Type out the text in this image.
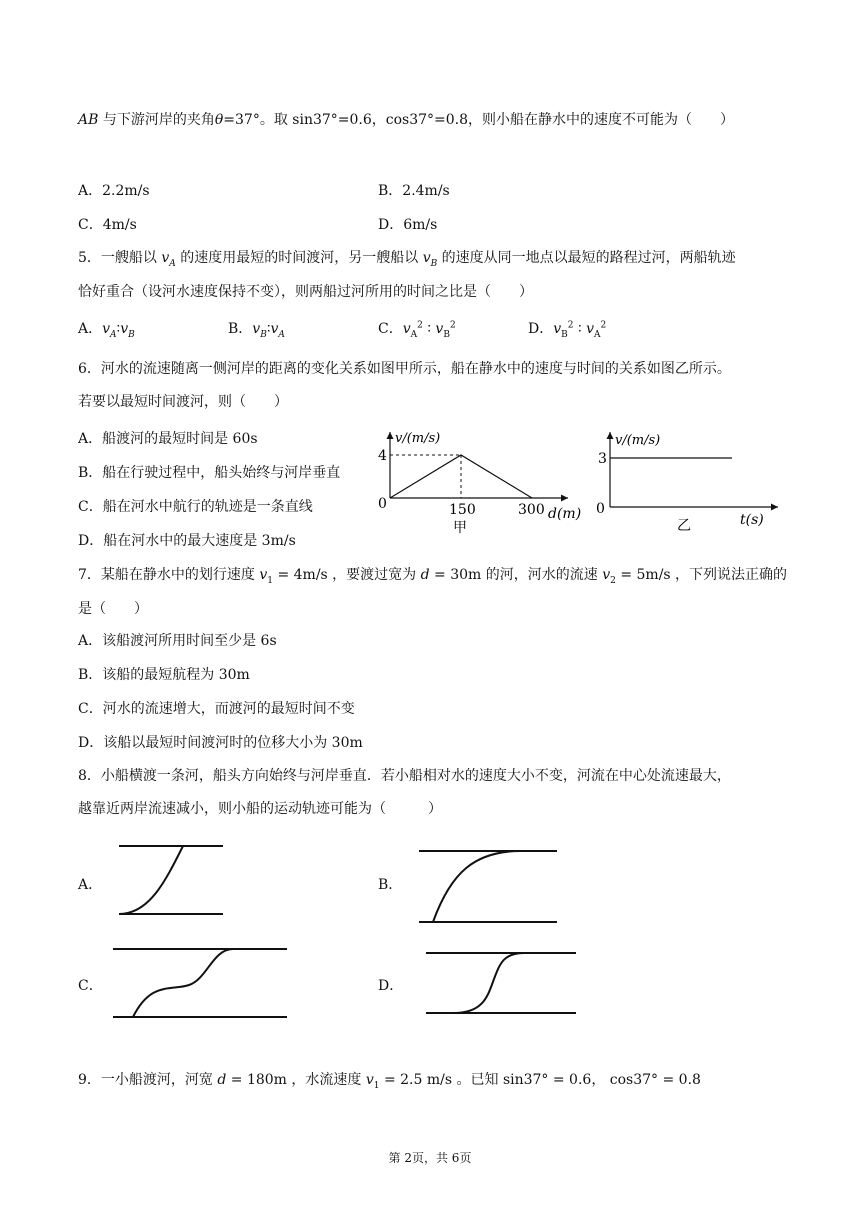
AB 与下游河岸的夹角θ=37°。取 sin37°=0.6，cos37°=0.8，则小船在静水中的速度不可能为（　　）
A．2.2m/s	B．2.4m/s
C．4m/s	D．6m/s
5．一艘船以 $v_A$ 的速度用最短的时间渡河，另一艘船以 $v_B$ 的速度从同一地点以最短的路程过河，两船轨迹
恰好重合（设河水速度保持不变），则两船过河所用的时间之比是（　　）
A．$v_A∶v_B$	B．$v_B∶v_A$	C．$v_A^2$ ∶ $v_B^2$	D．$v_B^2$ ∶ $v_A^2$
6．河水的流速随离一侧河岸的距离的变化关系如图甲所示，船在静水中的速度与时间的关系如图乙所示。
若要以最短时间渡河，则（　　）
A．船渡河的最短时间是 60s
B．船在行驶过程中，船头始终与河岸垂直
C．船在河水中航行的轨迹是一条直线
D．船在河水中的最大速度是 3m/s
4
0	150	300
v/(m/s)
d(m)
甲
3
0
v/(m/s)
t(s)
乙
7．某船在静水中的划行速度 $v_1 = 4m/s$ ，要渡过宽为 d = 30m 的河，河水的流速 $v_2 = 5m/s$ ，下列说法正确的
是（　　）
A．该船渡河所用时间至少是 6s
B．该船的最短航程为 30m
C．河水的流速增大，而渡河的最短时间不变
D．该船以最短时间渡河时的位移大小为 30m
8．小船横渡一条河，船头方向始终与河岸垂直．若小船相对水的速度大小不变，河流在中心处流速最大，
越靠近两岸流速减小，则小船的运动轨迹可能为（　　　）
A．	B．
C．	D．
9．一小船渡河，河宽 d = 180m ，水流速度 $v_1 = 2.5$ m/s 。已知 sin37° = 0.6， cos37° = 0.8
第 2页，共 6页
